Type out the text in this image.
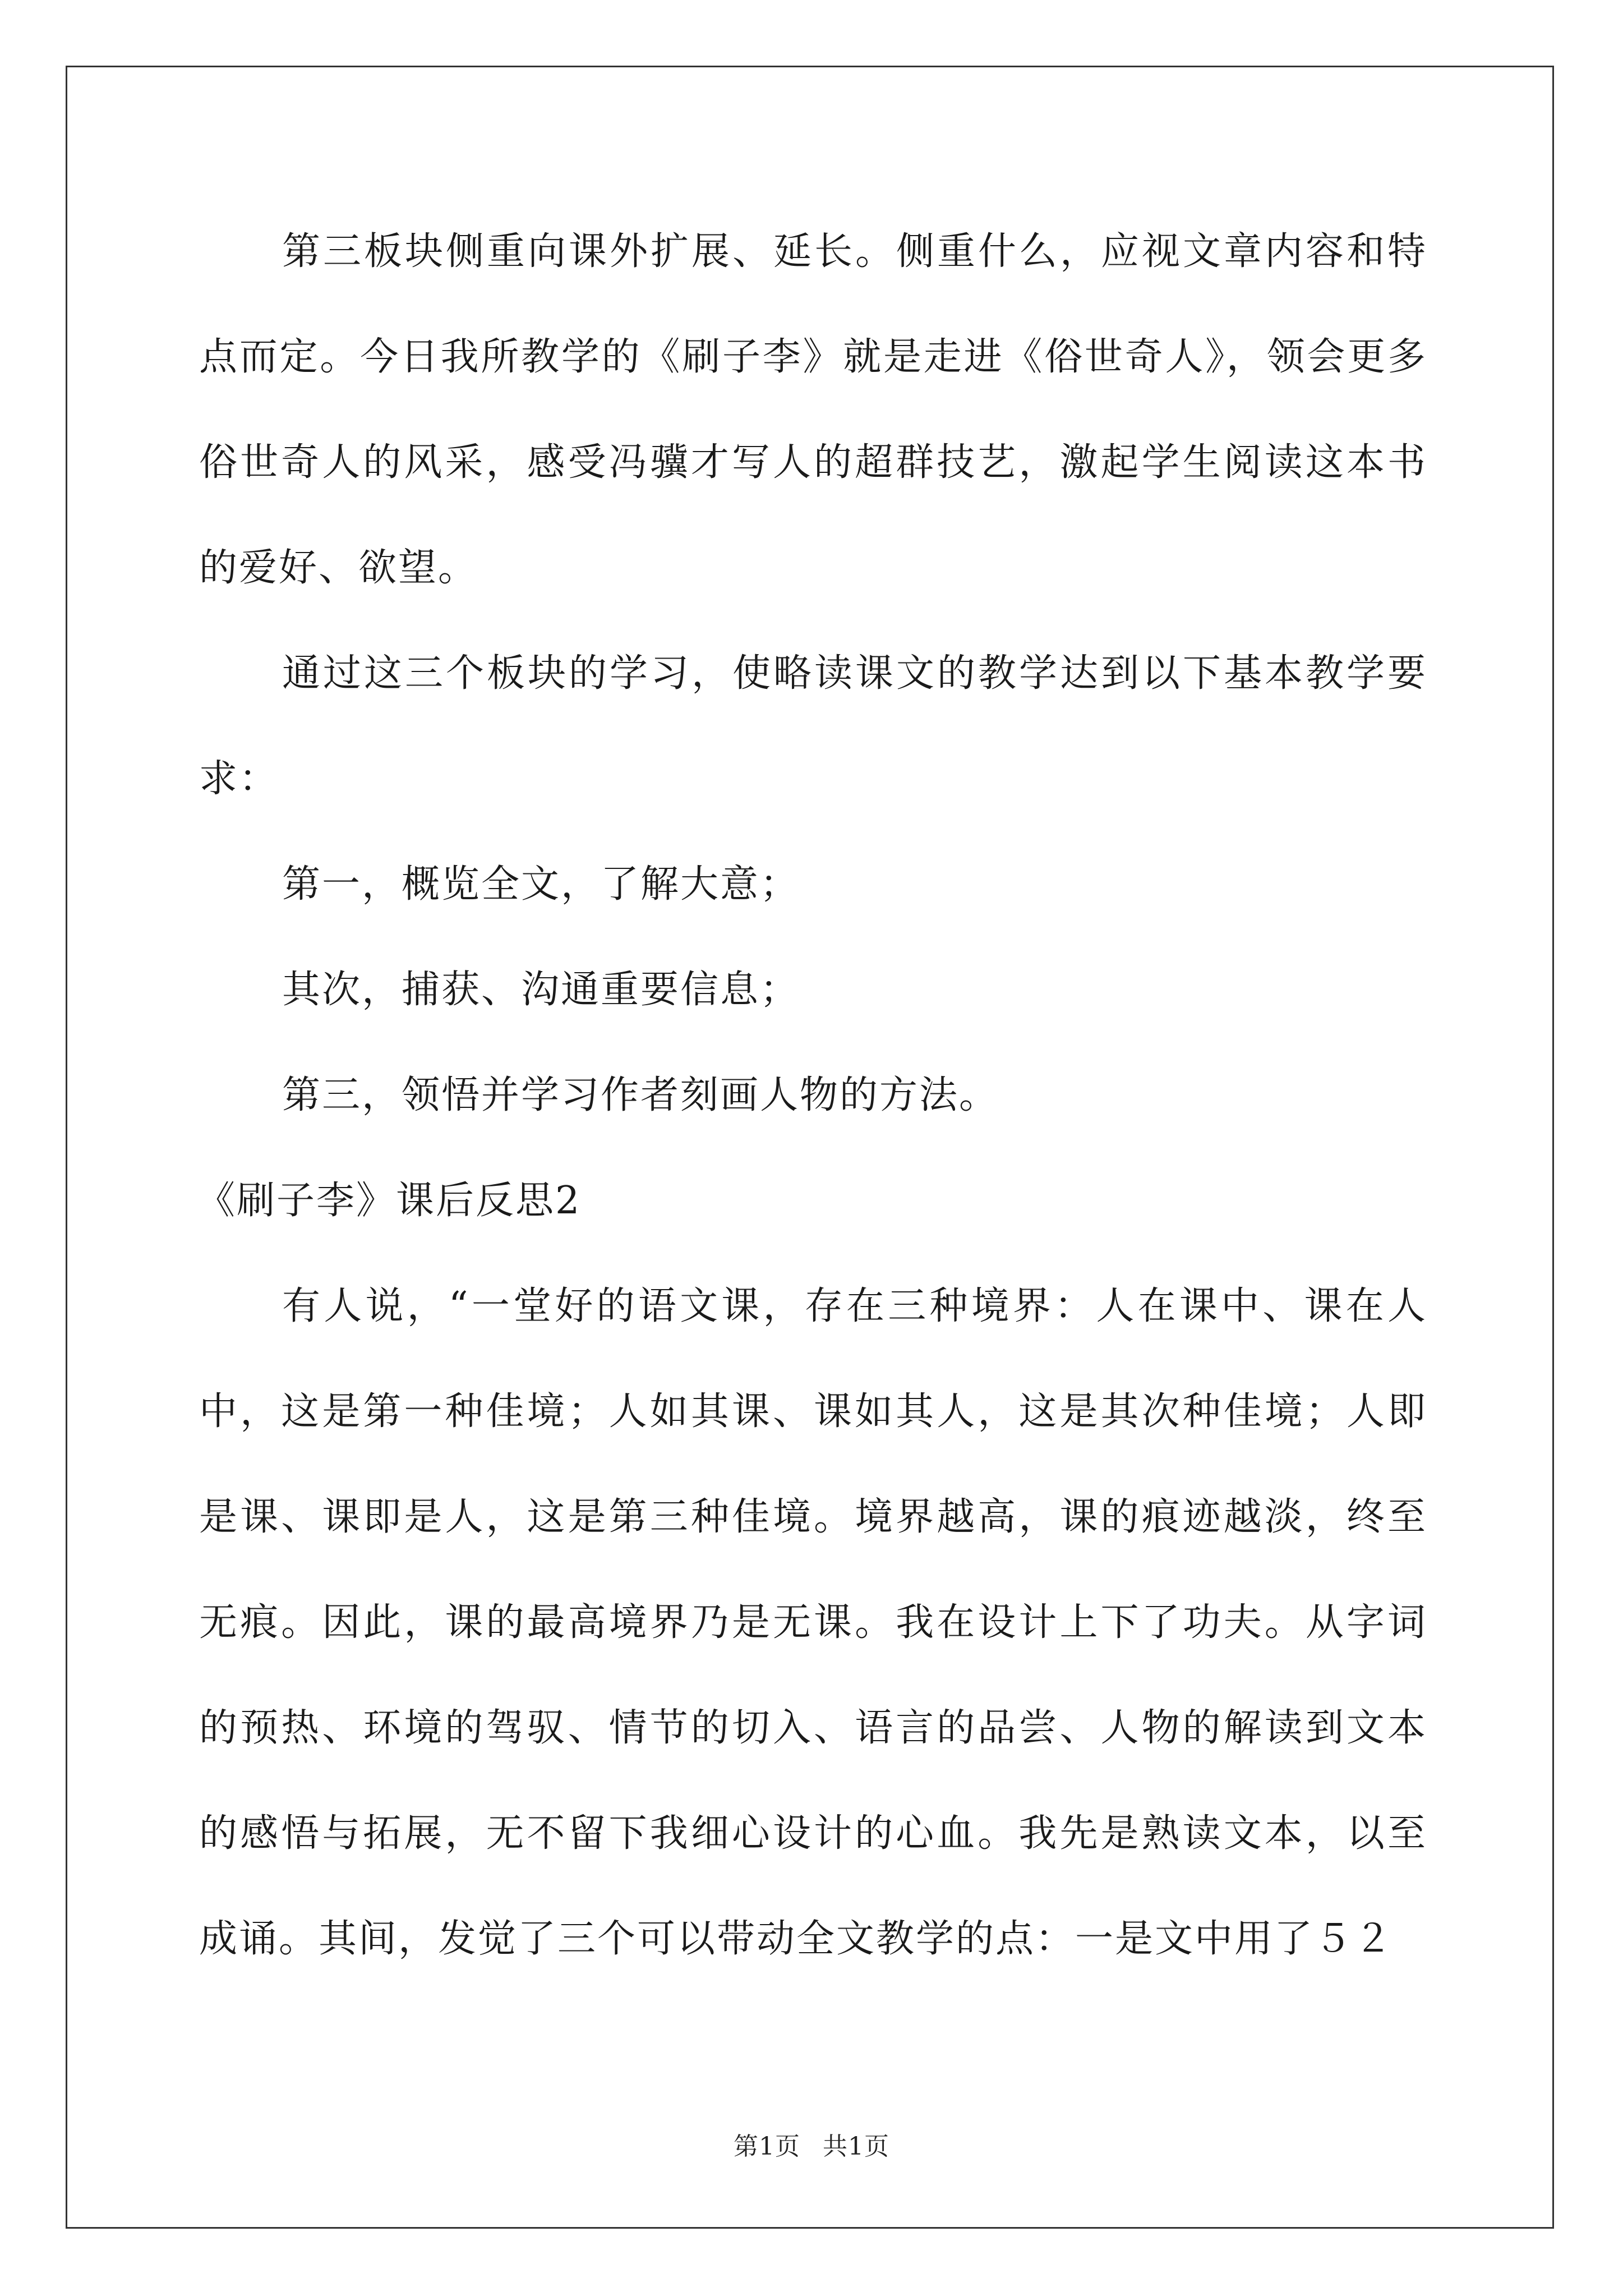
第三板块侧重向课外扩展、延长。侧重什么，应视文章内容和特点而定。今日我所教学的《刷子李》就是走进《俗世奇人》，领会更多俗世奇人的风采，感受冯骥才写人的超群技艺，激起学生阅读这本书的爱好、欲望。

通过这三个板块的学习，使略读课文的教学达到以下基本教学要求：

第一，概览全文，了解大意；

其次，捕获、沟通重要信息；

第三，领悟并学习作者刻画人物的方法。

《刷子李》课后反思2

有人说，“一堂好的语文课，存在三种境界：人在课中、课在人中，这是第一种佳境；人如其课、课如其人，这是其次种佳境；人即是课、课即是人，这是第三种佳境。境界越高，课的痕迹越淡，终至无痕。因此，课的最高境界乃是无课。我在设计上下了功夫。从字词的预热、环境的驾驭、情节的切入、语言的品尝、人物的解读到文本的感悟与拓展，无不留下我细心设计的心血。我先是熟读文本，以至成诵。其间，发觉了三个可以带动全文教学的点：一是文中用了５２

第1页 共1页
